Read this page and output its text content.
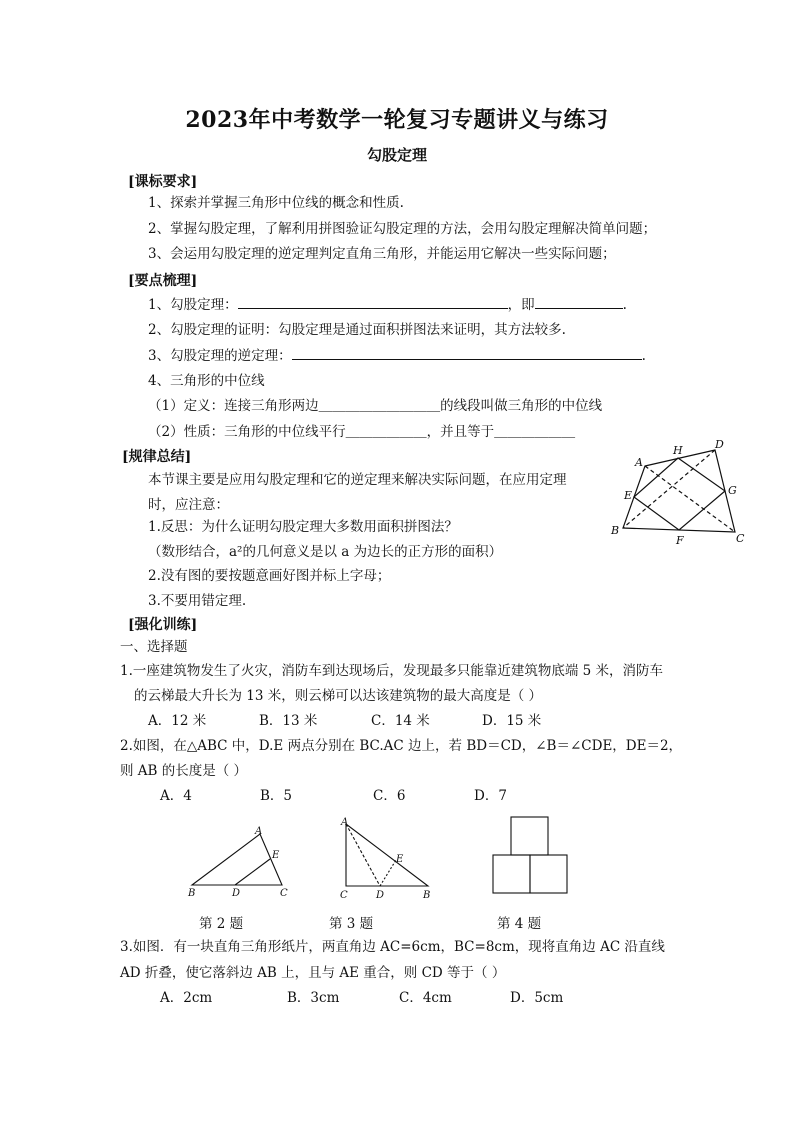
2023年中考数学一轮复习专题讲义与练习
勾股定理
[课标要求]
1、探索并掌握三角形中位线的概念和性质.
2、掌握勾股定理，了解利用拼图验证勾股定理的方法，会用勾股定理解决简单问题；
3、会运用勾股定理的逆定理判定直角三角形，并能运用它解决一些实际问题；
[要点梳理]
1、勾股定理：	，即	.
2、勾股定理的证明：勾股定理是通过面积拼图法来证明，其方法较多.
3、勾股定理的逆定理：	.
4、三角形的中位线
（1）定义：连接三角形两边＿＿＿＿＿＿＿＿＿的线段叫做三角形的中位线
（2）性质：三角形的中位线平行＿＿＿＿＿＿，并且等于＿＿＿＿＿＿
A
H	D
E	G
B
F	C
[规律总结]
本节课主要是应用勾股定理和它的逆定理来解决实际问题，在应用定理
时，应注意：
1.反思：为什么证明勾股定理大多数用面积拼图法？
（数形结合，a²的几何意义是以 a 为边长的正方形的面积）
2.没有图的要按题意画好图并标上字母；
3.不要用错定理.
[强化训练]
一、选择题
1.一座建筑物发生了火灾，消防车到达现场后，发现最多只能靠近建筑物底端 5 米，消防车
的云梯最大升长为 13 米，则云梯可以达该建筑物的最大高度是（ ）
A．12 米	B．13 米	C．14 米	D．15 米
2.如图，在△ABC 中，D.E 两点分别在 BC.AC 边上，若 BD＝CD，∠B＝∠CDE，DE＝2，
则 AB 的长度是（ ）
A．4	B．5	C．6	D．7
A
E
B	D	C
第 2 题
A
E
C	D	B
第 3 题	第 4 题
3.如图．有一块直角三角形纸片，两直角边 AC=6cm，BC=8cm，现将直角边 AC 沿直线
AD 折叠，使它落斜边 AB 上，且与 AE 重合，则 CD 等于（ ）
A．2cm	B．3cm	C．4cm	D．5cm
